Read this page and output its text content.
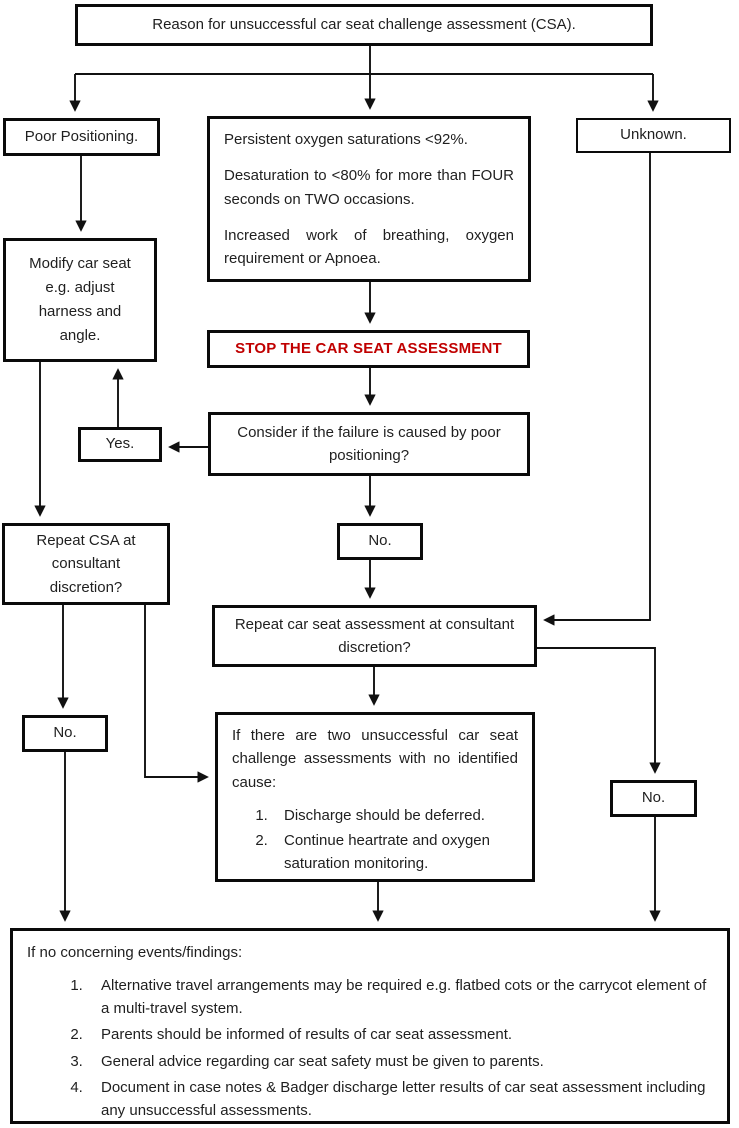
Reason for unsuccessful car seat challenge assessment (CSA).
Poor Positioning.	Persistent oxygen saturations <92%.

Desaturation to <80% for more than FOUR seconds on TWO occasions.

Increased work of breathing, oxygen requirement or Apnoea.

Unknown.
Modify car seat e.g. adjust harness and angle.
STOP THE CAR SEAT ASSESSMENT
Consider if the failure is caused by poor positioning?
Yes.
No.
Repeat CSA at consultant discretion?
Repeat car seat assessment at consultant discretion?
No.
No.

If there are two unsuccessful car seat challenge assessments with no identified cause:

1. Discharge should be deferred.
2. Continue heartrate and oxygen saturation monitoring.

If no concerning events/findings:

1. Alternative travel arrangements may be required e.g. flatbed cots or the carrycot element of a multi-travel system.
2. Parents should be informed of results of car seat assessment.
3. General advice regarding car seat safety must be given to parents.
4. Document in case notes & Badger discharge letter results of car seat assessment including any unsuccessful assessments.
